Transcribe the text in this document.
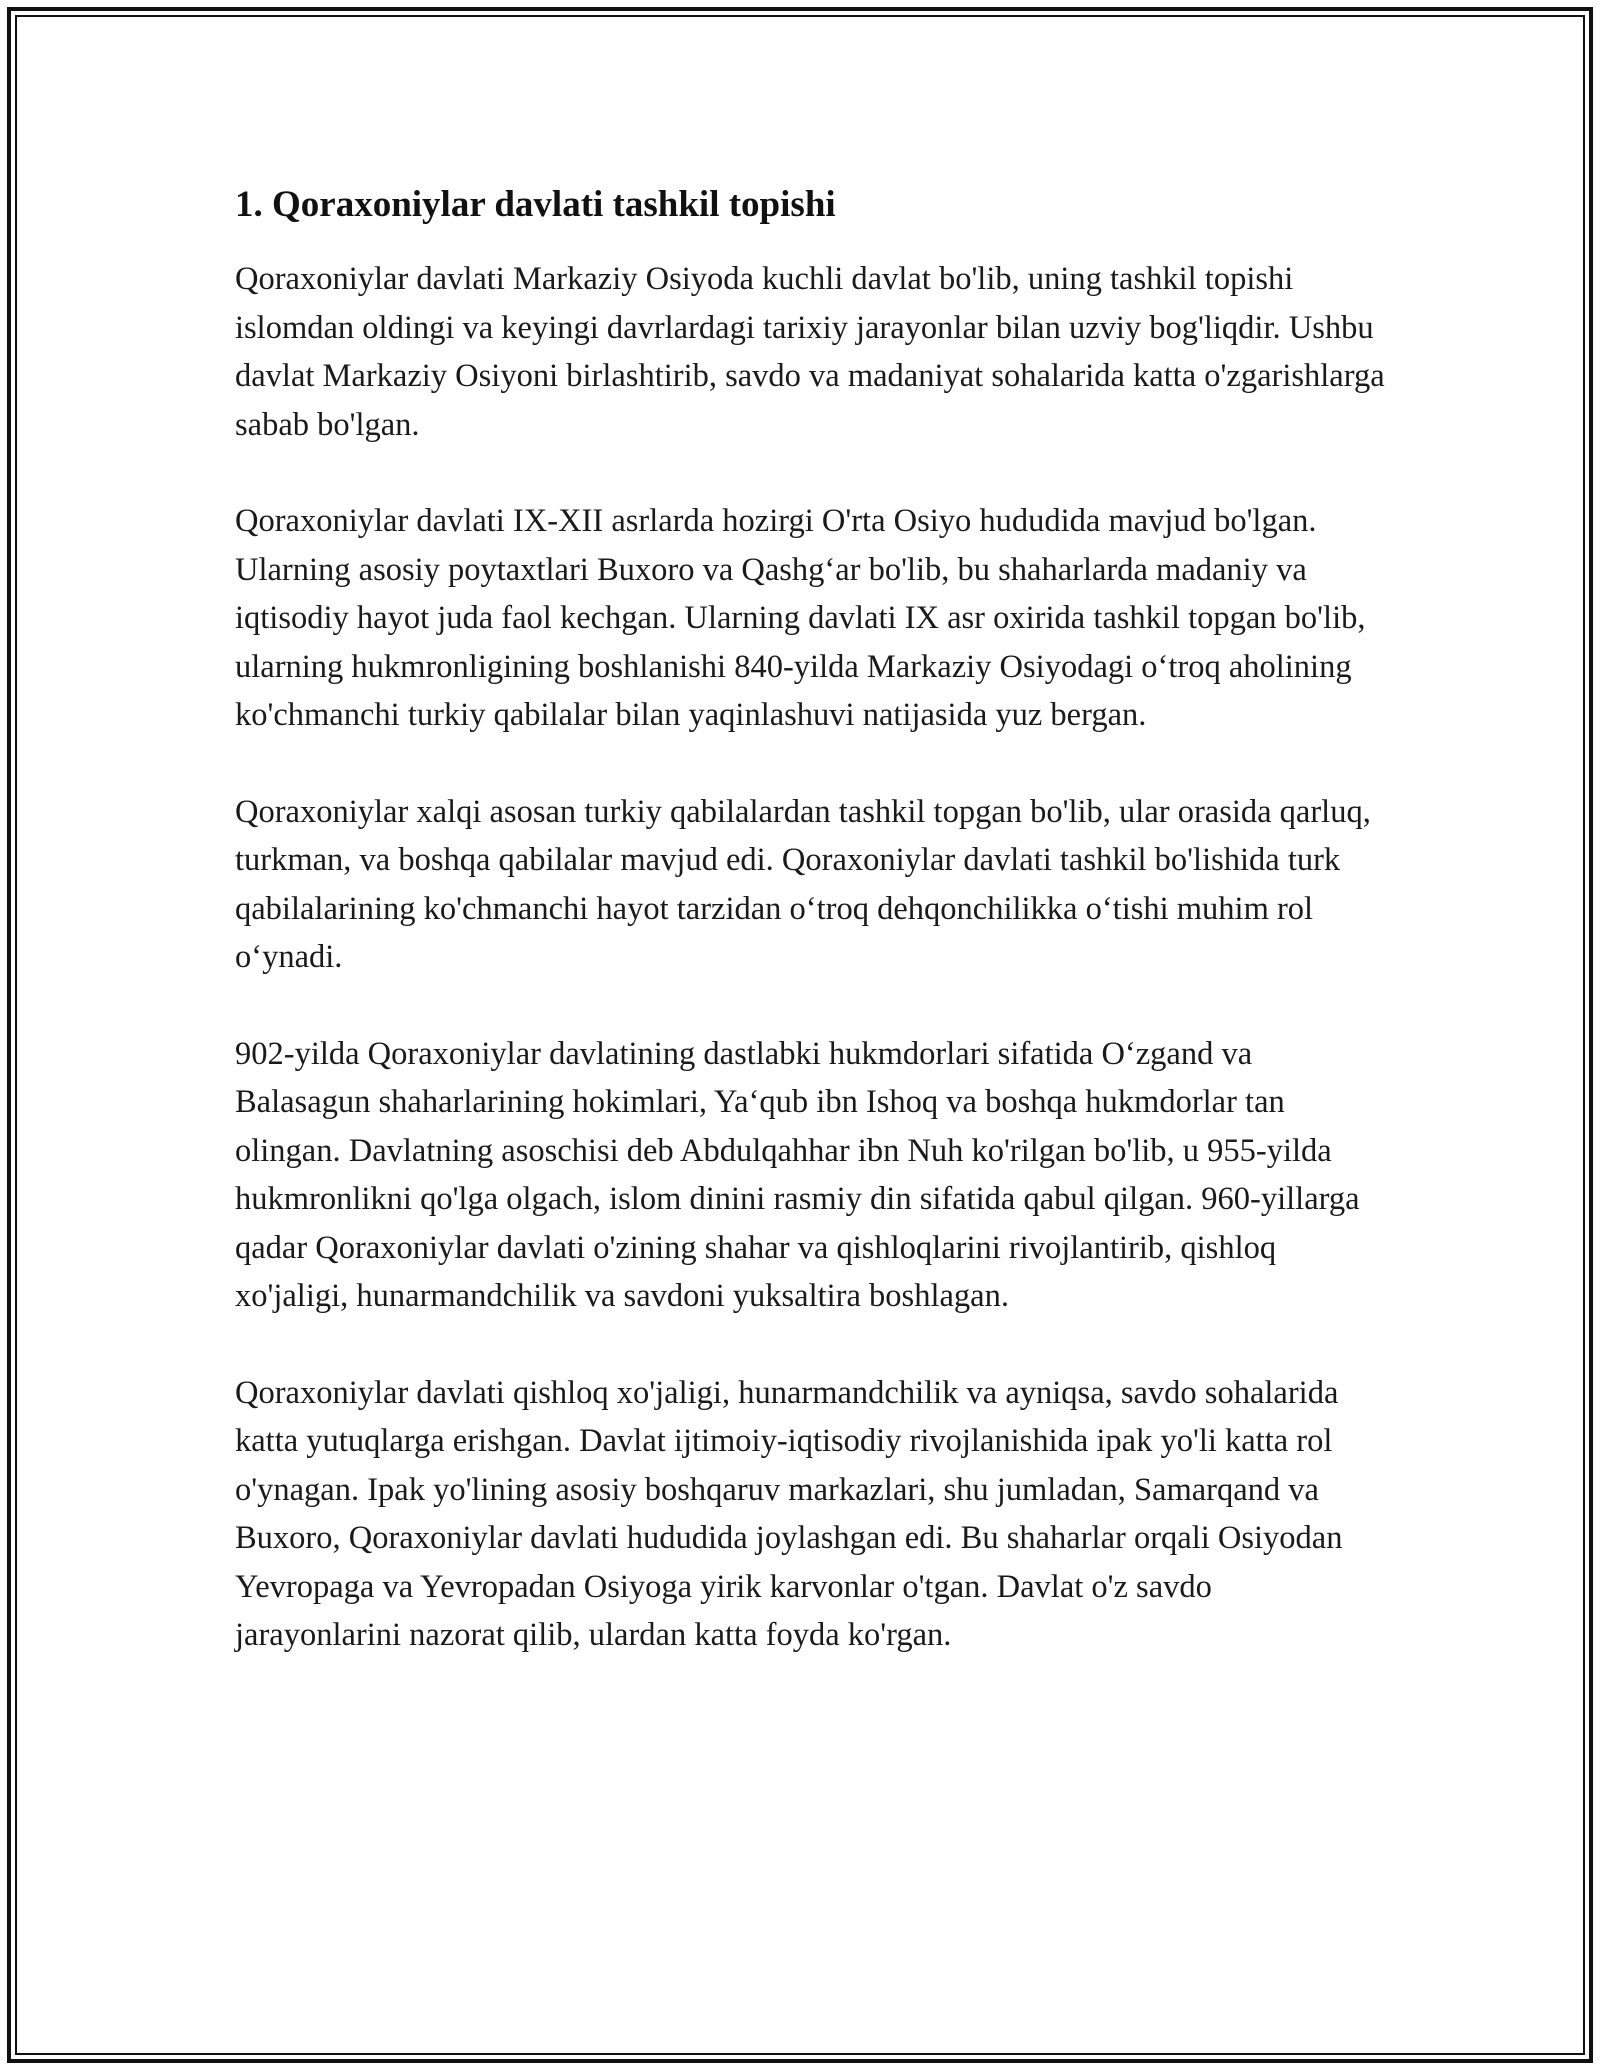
1. Qoraxoniylar davlati tashkil topishi

Qoraxoniylar davlati Markaziy Osiyoda kuchli davlat bo'lib, uning tashkil topishi islomdan oldingi va keyingi davrlardagi tarixiy jarayonlar bilan uzviy bog'liqdir. Ushbu davlat Markaziy Osiyoni birlashtirib, savdo va madaniyat sohalarida katta o'zgarishlarga sabab bo'lgan.

Qoraxoniylar davlati IX-XII asrlarda hozirgi O'rta Osiyo hududida mavjud bo'lgan. Ularning asosiy poytaxtlari Buxoro va Qashg‘ar bo'lib, bu shaharlarda madaniy va iqtisodiy hayot juda faol kechgan. Ularning davlati IX asr oxirida tashkil topgan bo'lib, ularning hukmronligining boshlanishi 840-yilda Markaziy Osiyodagi o‘troq aholining ko'chmanchi turkiy qabilalar bilan yaqinlashuvi natijasida yuz bergan.

Qoraxoniylar xalqi asosan turkiy qabilalardan tashkil topgan bo'lib, ular orasida qarluq, turkman, va boshqa qabilalar mavjud edi. Qoraxoniylar davlati tashkil bo'lishida turk qabilalarining ko'chmanchi hayot tarzidan o‘troq dehqonchilikka o‘tishi muhim rol o‘ynadi.

902-yilda Qoraxoniylar davlatining dastlabki hukmdorlari sifatida O‘zgand va Balasagun shaharlarining hokimlari, Ya‘qub ibn Ishoq va boshqa hukmdorlar tan olingan. Davlatning asoschisi deb Abdulqahhar ibn Nuh ko'rilgan bo'lib, u 955-yilda hukmronlikni qo'lga olgach, islom dinini rasmiy din sifatida qabul qilgan. 960-yillarga qadar Qoraxoniylar davlati o'zining shahar va qishloqlarini rivojlantirib, qishloq xo'jaligi, hunarmandchilik va savdoni yuksaltira boshlagan.

Qoraxoniylar davlati qishloq xo'jaligi, hunarmandchilik va ayniqsa, savdo sohalarida katta yutuqlarga erishgan. Davlat ijtimoiy-iqtisodiy rivojlanishida ipak yo'li katta rol o'ynagan. Ipak yo'lining asosiy boshqaruv markazlari, shu jumladan, Samarqand va Buxoro, Qoraxoniylar davlati hududida joylashgan edi. Bu shaharlar orqali Osiyodan Yevropaga va Yevropadan Osiyoga yirik karvonlar o'tgan. Davlat o'z savdo jarayonlarini nazorat qilib, ulardan katta foyda ko'rgan.
